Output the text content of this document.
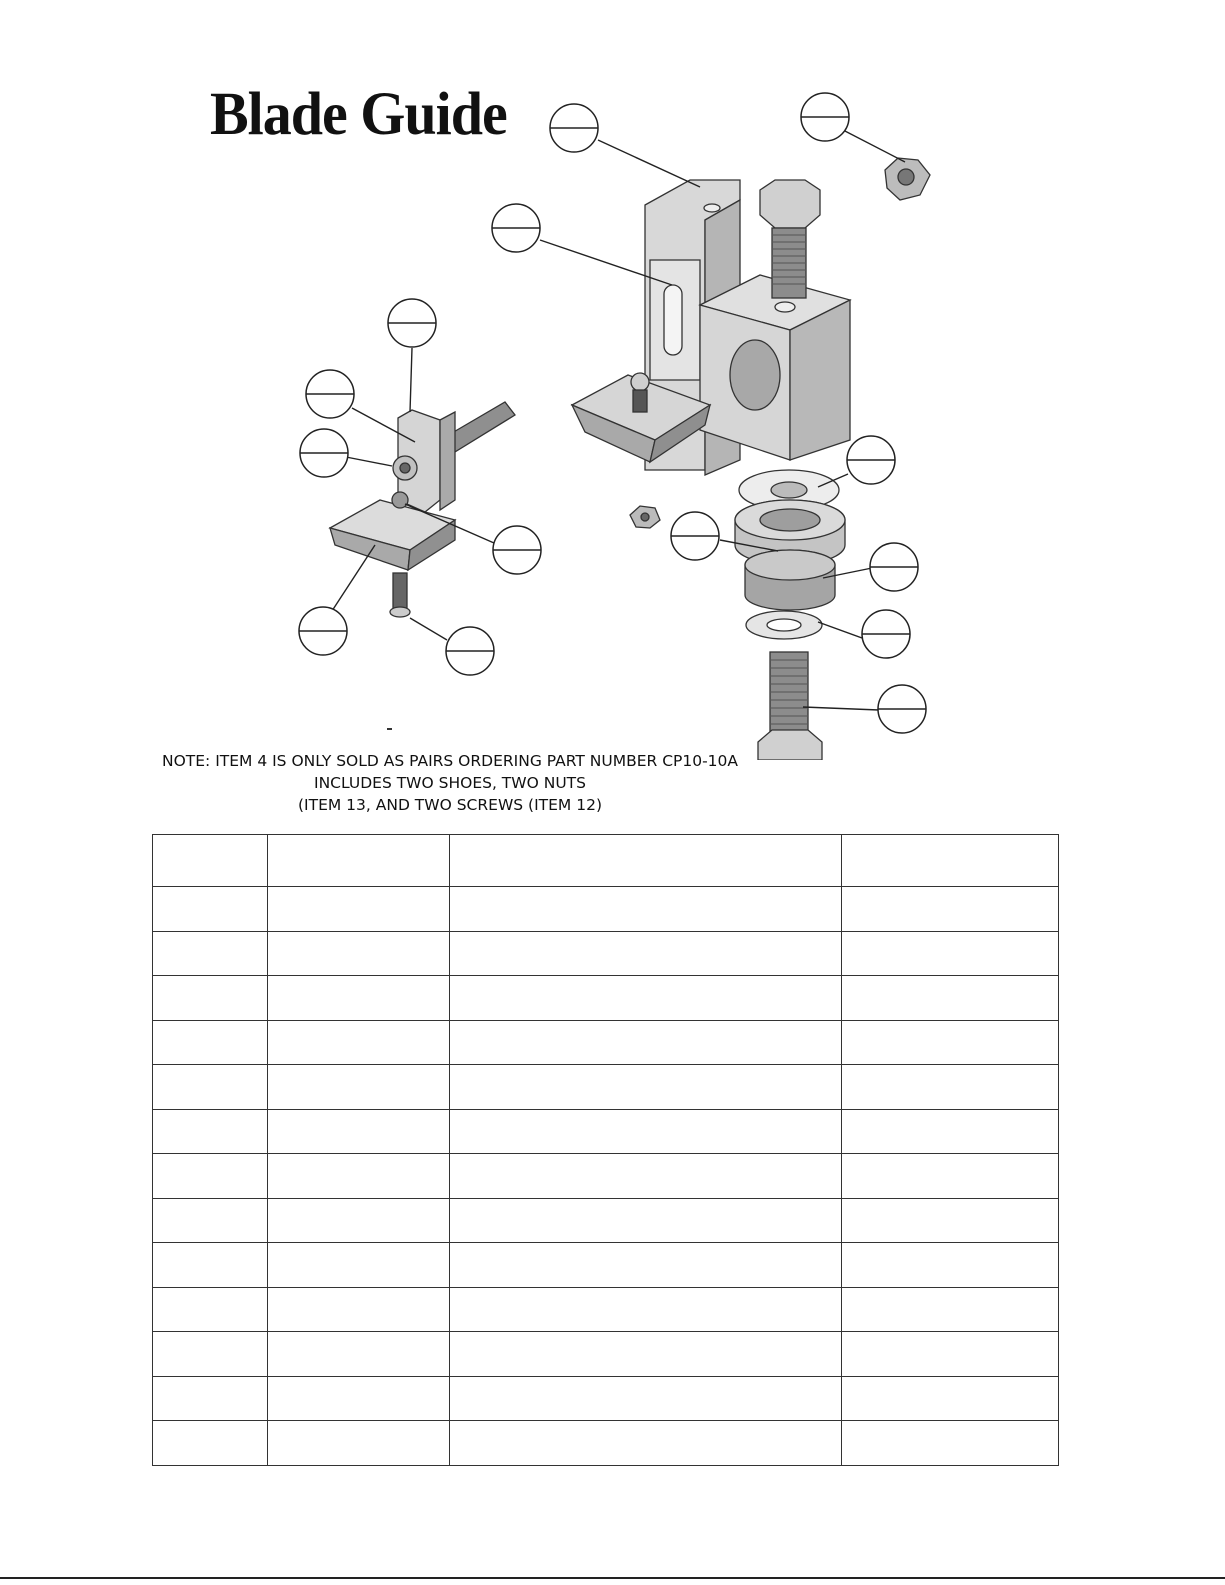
Blade Guide
NOTE: ITEM 4 IS ONLY SOLD AS PAIRS ORDERING PART NUMBER CP10-10A
INCLUDES TWO SHOES, TWO NUTS
(ITEM 13, AND TWO SCREWS (ITEM 12)
